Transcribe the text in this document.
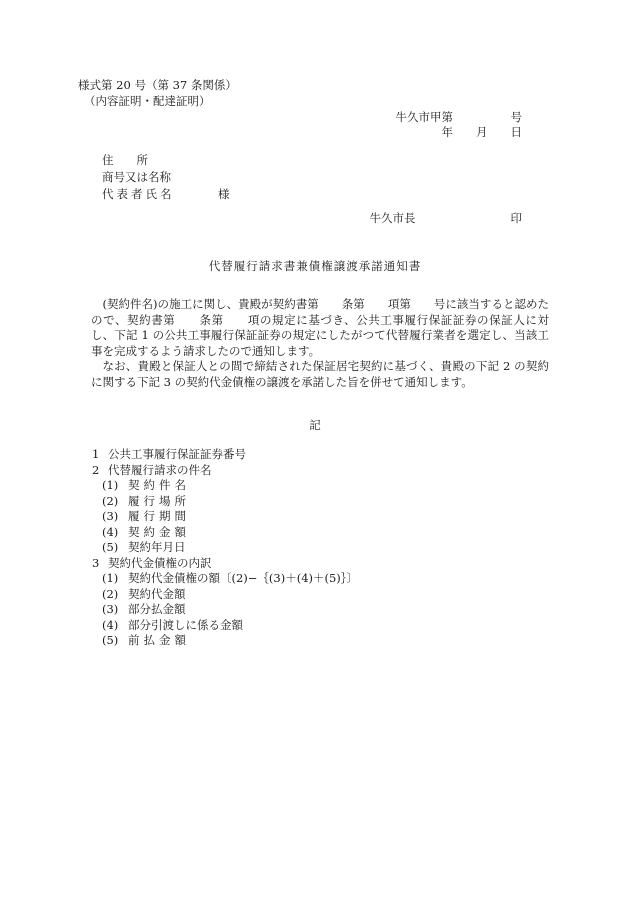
様式第 20 号（第 37 条関係）
（内容証明・配達証明）
牛久市甲第　　　　　号
年　　月　　日
住　　所
商号又は名称
代表者氏名	様
牛久市長	印
代替履行請求書兼債権譲渡承諾通知書

(契約件名)の施工に関し、貴殿が契約書第　　条第　　項第　　号に該当すると認めたので、契約書第　　条第　　項の規定に基づき、公共工事履行保証証券の保証人に対し、下記 1 の公共工事履行保証証券の規定にしたがつて代替履行業者を選定し、当該工事を完成するよう請求したので通知します。

なお、貴殿と保証人との間で締結された保証居宅契約に基づく、貴殿の下記 2 の契約に関する下記 3 の契約代金債権の譲渡を承諾した旨を併せて通知します。

記
1 公共工事履行保証証券番号
2 代替履行請求の件名
(1) 契約件名
(2) 履行場所
(3) 履行期間
(4) 契約金額
(5) 契約年月日
3 契約代金債権の内訳
(1) 契約代金債権の額〔(2)−｛(3)＋(4)＋(5)｝〕
(2) 契約代金額
(3) 部分払金額
(4) 部分引渡しに係る金額
(5) 前払金額
